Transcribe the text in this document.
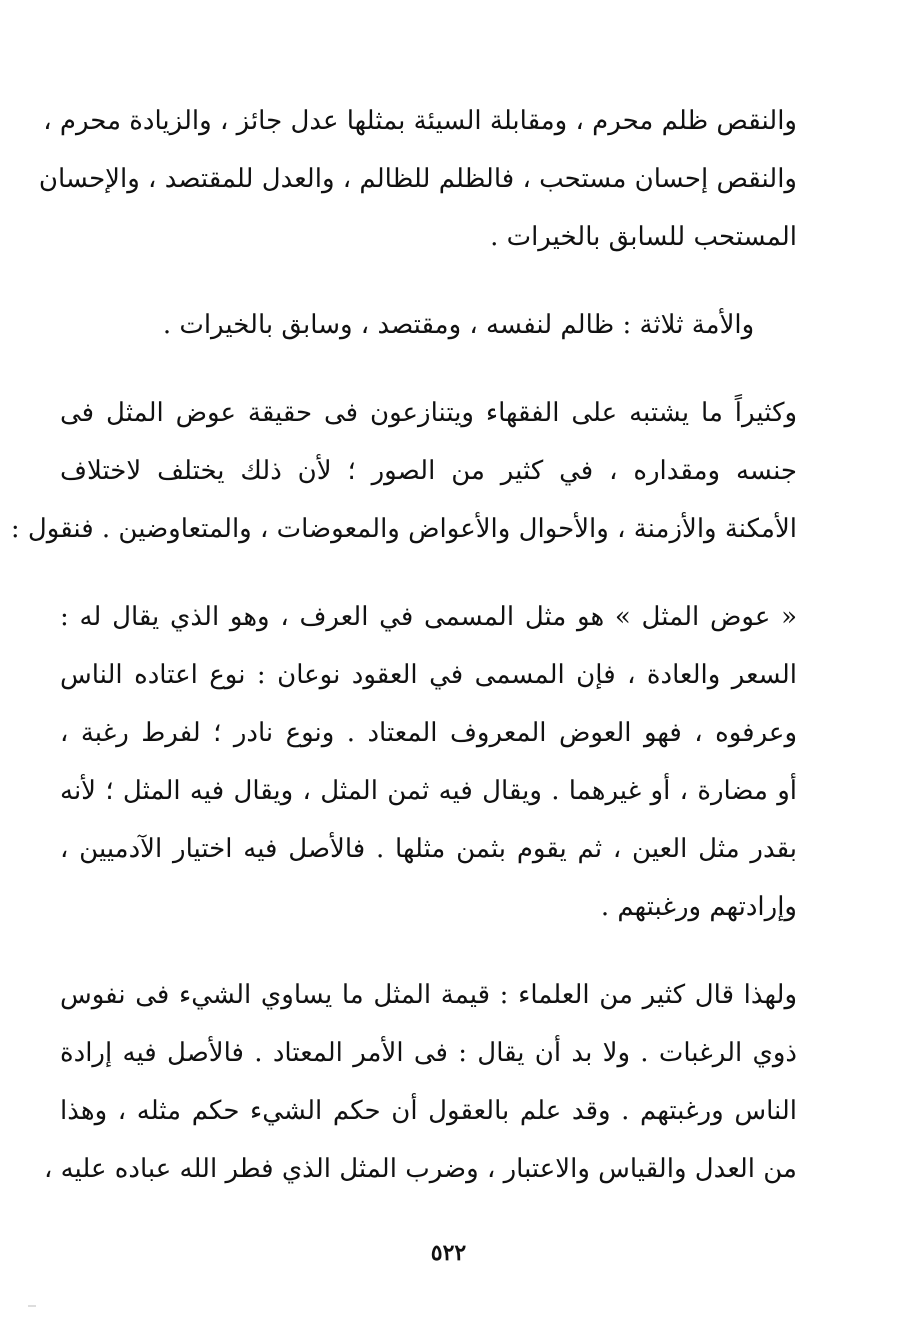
والنقص ظلم محرم ، ومقابلة السيئة بمثلها عدل جائز ، والزيادة محرم ،
والنقص إحسان مستحب ، فالظلم للظالم ، والعدل للمقتصد ، والإحسان
المستحب للسابق بالخيرات .

والأمة ثلاثة : ظالم لنفسه ، ومقتصد ، وسابق بالخيرات .

وكثيراً ما يشتبه على الفقهاء ويتنازعون فى حقيقة عوض المثل فى
جنسه ومقداره ، في كثير من الصور ؛ لأن ذلك يختلف لاختلاف
الأمكنة والأزمنة ، والأحوال والأعواض والمعوضات ، والمتعاوضين . فنقول :

« عوض المثل » هو مثل المسمى في العرف ، وهو الذي يقال له :
السعر والعادة ، فإن المسمى في العقود نوعان : نوع اعتاده الناس
وعرفوه ، فهو العوض المعروف المعتاد . ونوع نادر ؛ لفرط رغبة ،
أو مضارة ، أو غيرهما . ويقال فيه ثمن المثل ، ويقال فيه المثل ؛ لأنه
بقدر مثل العين ، ثم يقوم بثمن مثلها . فالأصل فيه اختيار الآدميين ،
وإرادتهم ورغبتهم .

ولهذا قال كثير من العلماء : قيمة المثل ما يساوي الشيء فى نفوس
ذوي الرغبات . ولا بد أن يقال : فى الأمر المعتاد . فالأصل فيه إرادة
الناس ورغبتهم . وقد علم بالعقول أن حكم الشيء حكم مثله ، وهذا
من العدل والقياس والاعتبار ، وضرب المثل الذي فطر الله عباده عليه ،

٥٢٢
